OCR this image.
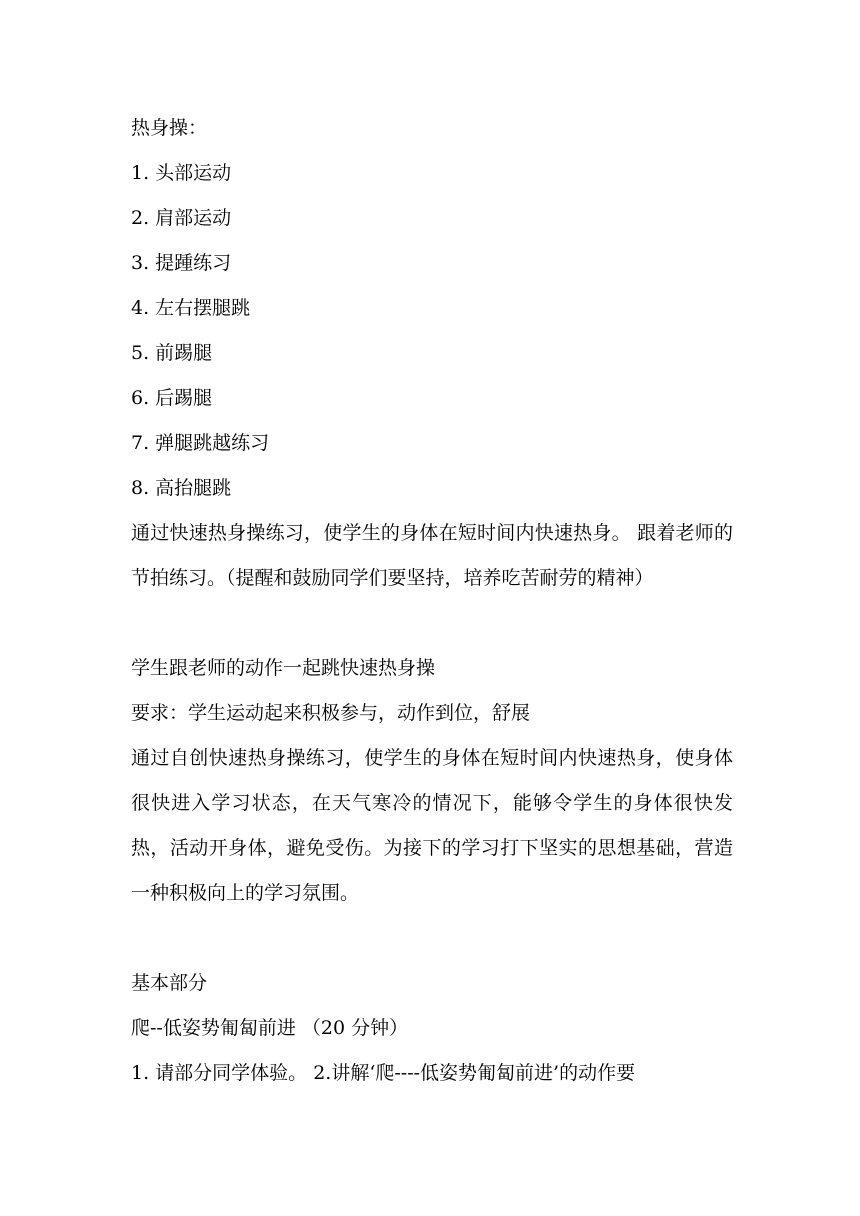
热身操：
1. 头部运动
2. 肩部运动
3. 提踵练习
4. 左右摆腿跳
5. 前踢腿
6. 后踢腿
7. 弹腿跳越练习
8. 高抬腿跳
通过快速热身操练习，使学生的身体在短时间内快速热身。 跟着老师的节拍练习。（提醒和鼓励同学们要坚持，培养吃苦耐劳的精神）
学生跟老师的动作一起跳快速热身操
要求：学生运动起来积极参与，动作到位，舒展
通过自创快速热身操练习，使学生的身体在短时间内快速热身，使身体很快进入学习状态，在天气寒冷的情况下，能够令学生的身体很快发热，活动开身体，避免受伤。为接下的学习打下坚实的思想基础，营造一种积极向上的学习氛围。
基本部分
爬--低姿势匍匐前进 （20 分钟）
1. 请部分同学体验。 2.讲解‘爬----低姿势匍匐前进’的动作要
